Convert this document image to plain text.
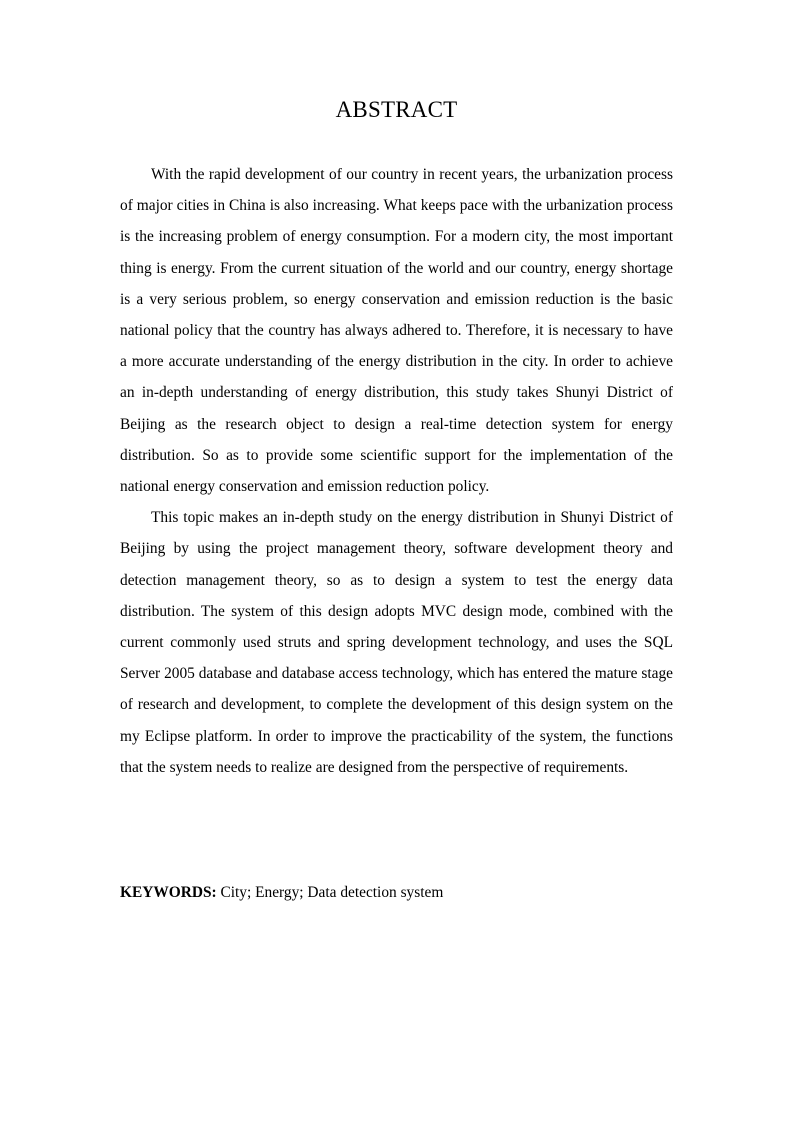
ABSTRACT

With the rapid development of our country in recent years, the urbanization process of major cities in China is also increasing. What keeps pace with the urbanization process is the increasing problem of energy consumption. For a modern city, the most important thing is energy. From the current situation of the world and our country, energy shortage is a very serious problem, so energy conservation and emission reduction is the basic national policy that the country has always adhered to. Therefore, it is necessary to have a more accurate understanding of the energy distribution in the city. In order to achieve an in-depth understanding of energy distribution, this study takes Shunyi District of Beijing as the research object to design a real-time detection system for energy distribution. So as to provide some scientific support for the implementation of the national energy conservation and emission reduction policy.

This topic makes an in-depth study on the energy distribution in Shunyi District of Beijing by using the project management theory, software development theory and detection management theory, so as to design a system to test the energy data distribution. The system of this design adopts MVC design mode, combined with the current commonly used struts and spring development technology, and uses the SQL Server 2005 database and database access technology, which has entered the mature stage of research and development, to complete the development of this design system on the my Eclipse platform. In order to improve the practicability of the system, the functions that the system needs to realize are designed from the perspective of requirements.

KEYWORDS: City; Energy; Data detection system
